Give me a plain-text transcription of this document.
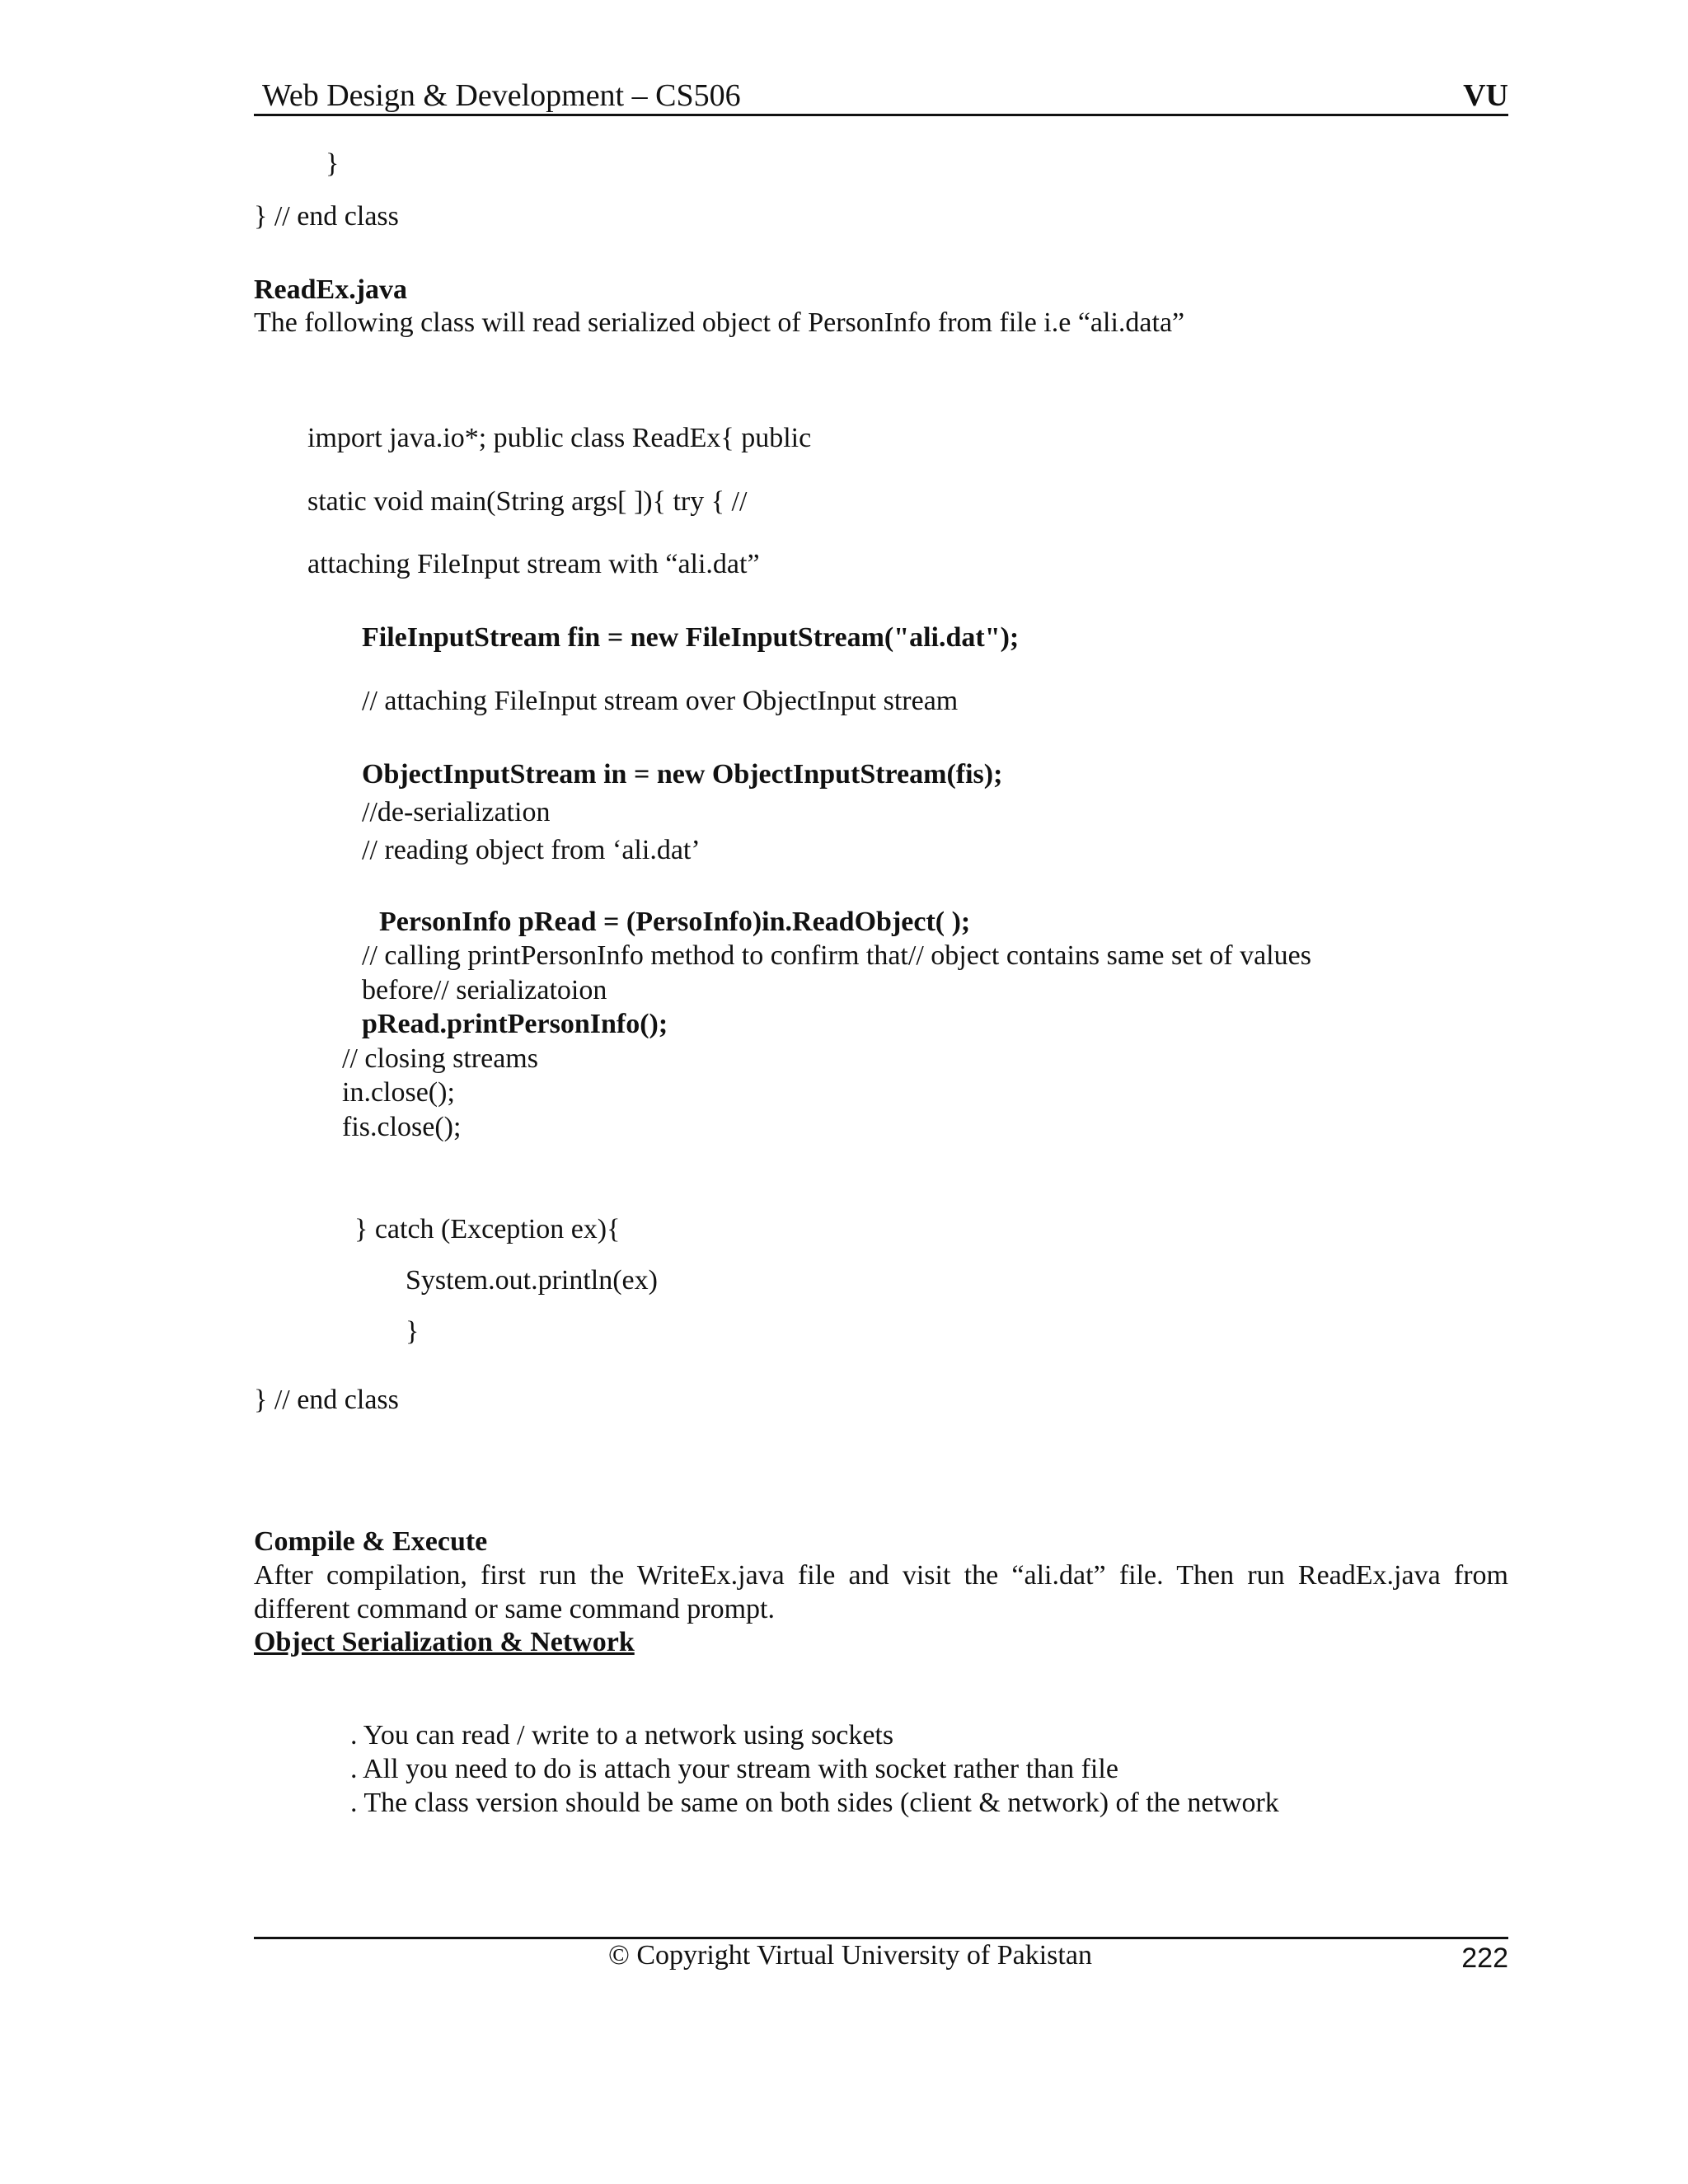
Web Design & Development – CS506	VU
}
} // end class
ReadEx.java
The following class will read serialized object of PersonInfo from file i.e “ali.data”
import java.io*; public class ReadEx{ public
static void main(String args[ ]){ try { //
attaching FileInput stream with “ali.dat”
FileInputStream fin = new FileInputStream("ali.dat");
// attaching FileInput stream over ObjectInput stream
ObjectInputStream in = new ObjectInputStream(fis);
//de-serialization
// reading object from ‘ali.dat’
PersonInfo pRead = (PersoInfo)in.ReadObject( );
// calling printPersonInfo method to confirm that// object contains same set of values
before// serializatoion
pRead.printPersonInfo();
// closing streams
in.close();
fis.close();
} catch (Exception ex){
System.out.println(ex)
}
} // end class
Compile & Execute
After compilation, first run the WriteEx.java file and visit the “ali.dat” file. Then run ReadEx.java from different command or same command prompt.
Object Serialization & Network
. You can read / write to a network using sockets
. All you need to do is attach your stream with socket rather than file
. The class version should be same on both sides (client & network) of the network
© Copyright Virtual University of Pakistan	222
